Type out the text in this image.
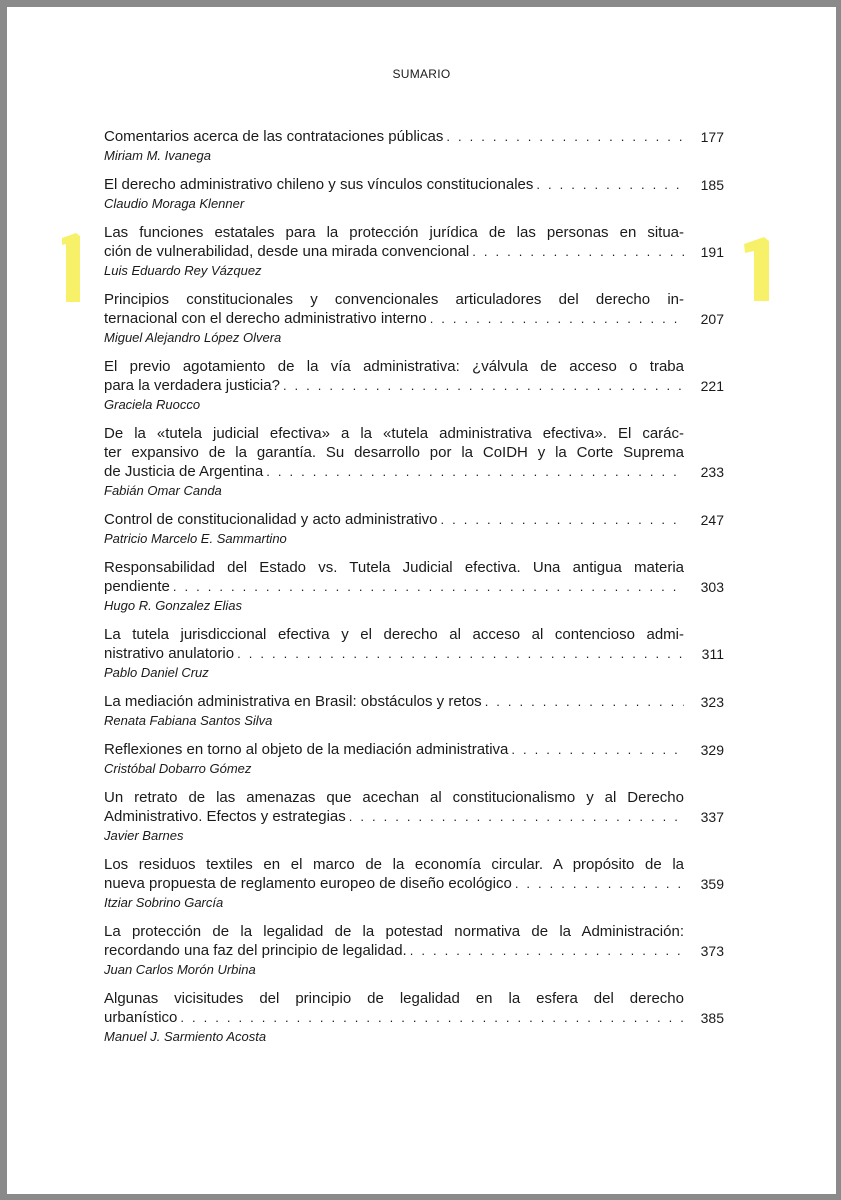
SUMARIO
Comentarios acerca de las contrataciones públicas . . .	177
Miriam M. Ivanega
El derecho administrativo chileno y sus vínculos constitucionales . . .	185
Claudio Moraga Klenner
Las funciones estatales para la protección jurídica de las personas en situa-
ción de vulnerabilidad, desde una mirada convencional . . .	191
Luis Eduardo Rey Vázquez
Principios constitucionales y convencionales articuladores del derecho in-
ternacional con el derecho administrativo interno . . .	207
Miguel Alejandro López Olvera
El previo agotamiento de la vía administrativa: ¿válvula de acceso o traba
para la verdadera justicia? . . .	221
Graciela Ruocco
De la «tutela judicial efectiva» a la «tutela administrativa efectiva». El carác-
ter expansivo de la garantía. Su desarrollo por la CoIDH y la Corte Suprema
de Justicia de Argentina . . .	233
Fabián Omar Canda
Control de constitucionalidad y acto administrativo . . .	247
Patricio Marcelo E. Sammartino
Responsabilidad del Estado vs. Tutela Judicial efectiva. Una antigua materia
pendiente . . .	303
Hugo R. Gonzalez Elias
La tutela jurisdiccional efectiva y el derecho al acceso al contencioso admi-
nistrativo anulatorio . . .	311
Pablo Daniel Cruz
La mediación administrativa en Brasil: obstáculos y retos . . .	323
Renata Fabiana Santos Silva
Reflexiones en torno al objeto de la mediación administrativa . . .	329
Cristóbal Dobarro Gómez
Un retrato de las amenazas que acechan al constitucionalismo y al Derecho
Administrativo. Efectos y estrategias . . .	337
Javier Barnes
Los residuos textiles en el marco de la economía circular. A propósito de la
nueva propuesta de reglamento europeo de diseño ecológico . . .	359
Itziar Sobrino García
La protección de la legalidad de la potestad normativa de la Administración:
recordando una faz del principio de legalidad. . . .	373
Juan Carlos Morón Urbina
Algunas vicisitudes del principio de legalidad en la esfera del derecho
urbanístico . . .	385
Manuel J. Sarmiento Acosta
